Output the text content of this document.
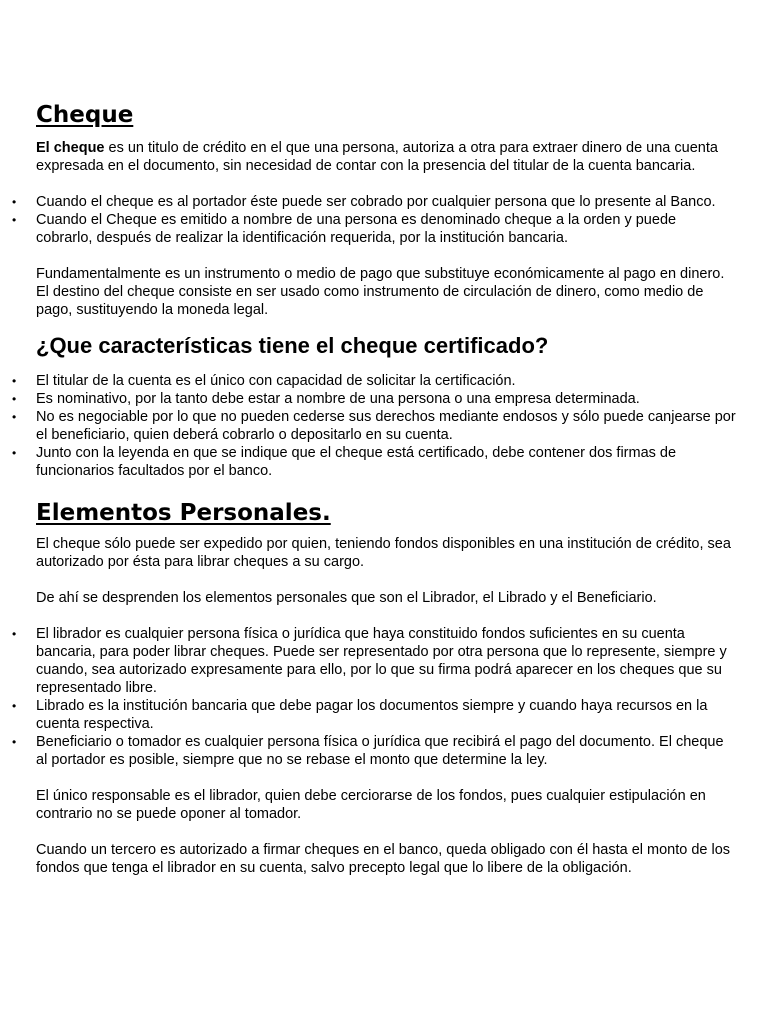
Cheque

El cheque es un titulo de crédito en el que una persona, autoriza a otra para extraer dinero de una cuenta expresada en el documento, sin necesidad de contar con la presencia del titular de la cuenta bancaria.

• Cuando el cheque es al portador éste puede ser cobrado por cualquier persona que lo presente al Banco.
• Cuando el Cheque es emitido a nombre de una persona es denominado cheque a la orden y puede cobrarlo, después de realizar la identificación requerida, por la institución bancaria.

Fundamentalmente es un instrumento o medio de pago que substituye económicamente al pago en dinero. El destino del cheque consiste en ser usado como instrumento de circulación de dinero, como medio de pago, sustituyendo la moneda legal.

¿Que características tiene el cheque certificado?
• El titular de la cuenta es el único con capacidad de solicitar la certificación.
• Es nominativo, por la tanto debe estar a nombre de una persona o una empresa determinada.
• No es negociable por lo que no pueden cederse sus derechos mediante endosos y sólo puede canjearse por el beneficiario, quien deberá cobrarlo o depositarlo en su cuenta.
• Junto con la leyenda en que se indique que el cheque está certificado, debe contener dos firmas de funcionarios facultados por el banco.
Elementos Personales.

El cheque sólo puede ser expedido por quien, teniendo fondos disponibles en una institución de crédito, sea autorizado por ésta para librar cheques a su cargo.

De ahí se desprenden los elementos personales que son el Librador, el Librado y el Beneficiario.

• El librador es cualquier persona física o jurídica que haya constituido fondos suficientes en su cuenta bancaria, para poder librar cheques. Puede ser representado por otra persona que lo represente, siempre y cuando, sea autorizado expresamente para ello, por lo que su firma podrá aparecer en los cheques que su representado libre.
• Librado es la institución bancaria que debe pagar los documentos siempre y cuando haya recursos en la cuenta respectiva.
• Beneficiario o tomador es cualquier persona física o jurídica que recibirá el pago del documento. El cheque al portador es posible, siempre que no se rebase el monto que determine la ley.

El único responsable es el librador, quien debe cerciorarse de los fondos, pues cualquier estipulación en contrario no se puede oponer al tomador.

Cuando un tercero es autorizado a firmar cheques en el banco, queda obligado con él hasta el monto de los fondos que tenga el librador en su cuenta, salvo precepto legal que lo libere de la obligación.
